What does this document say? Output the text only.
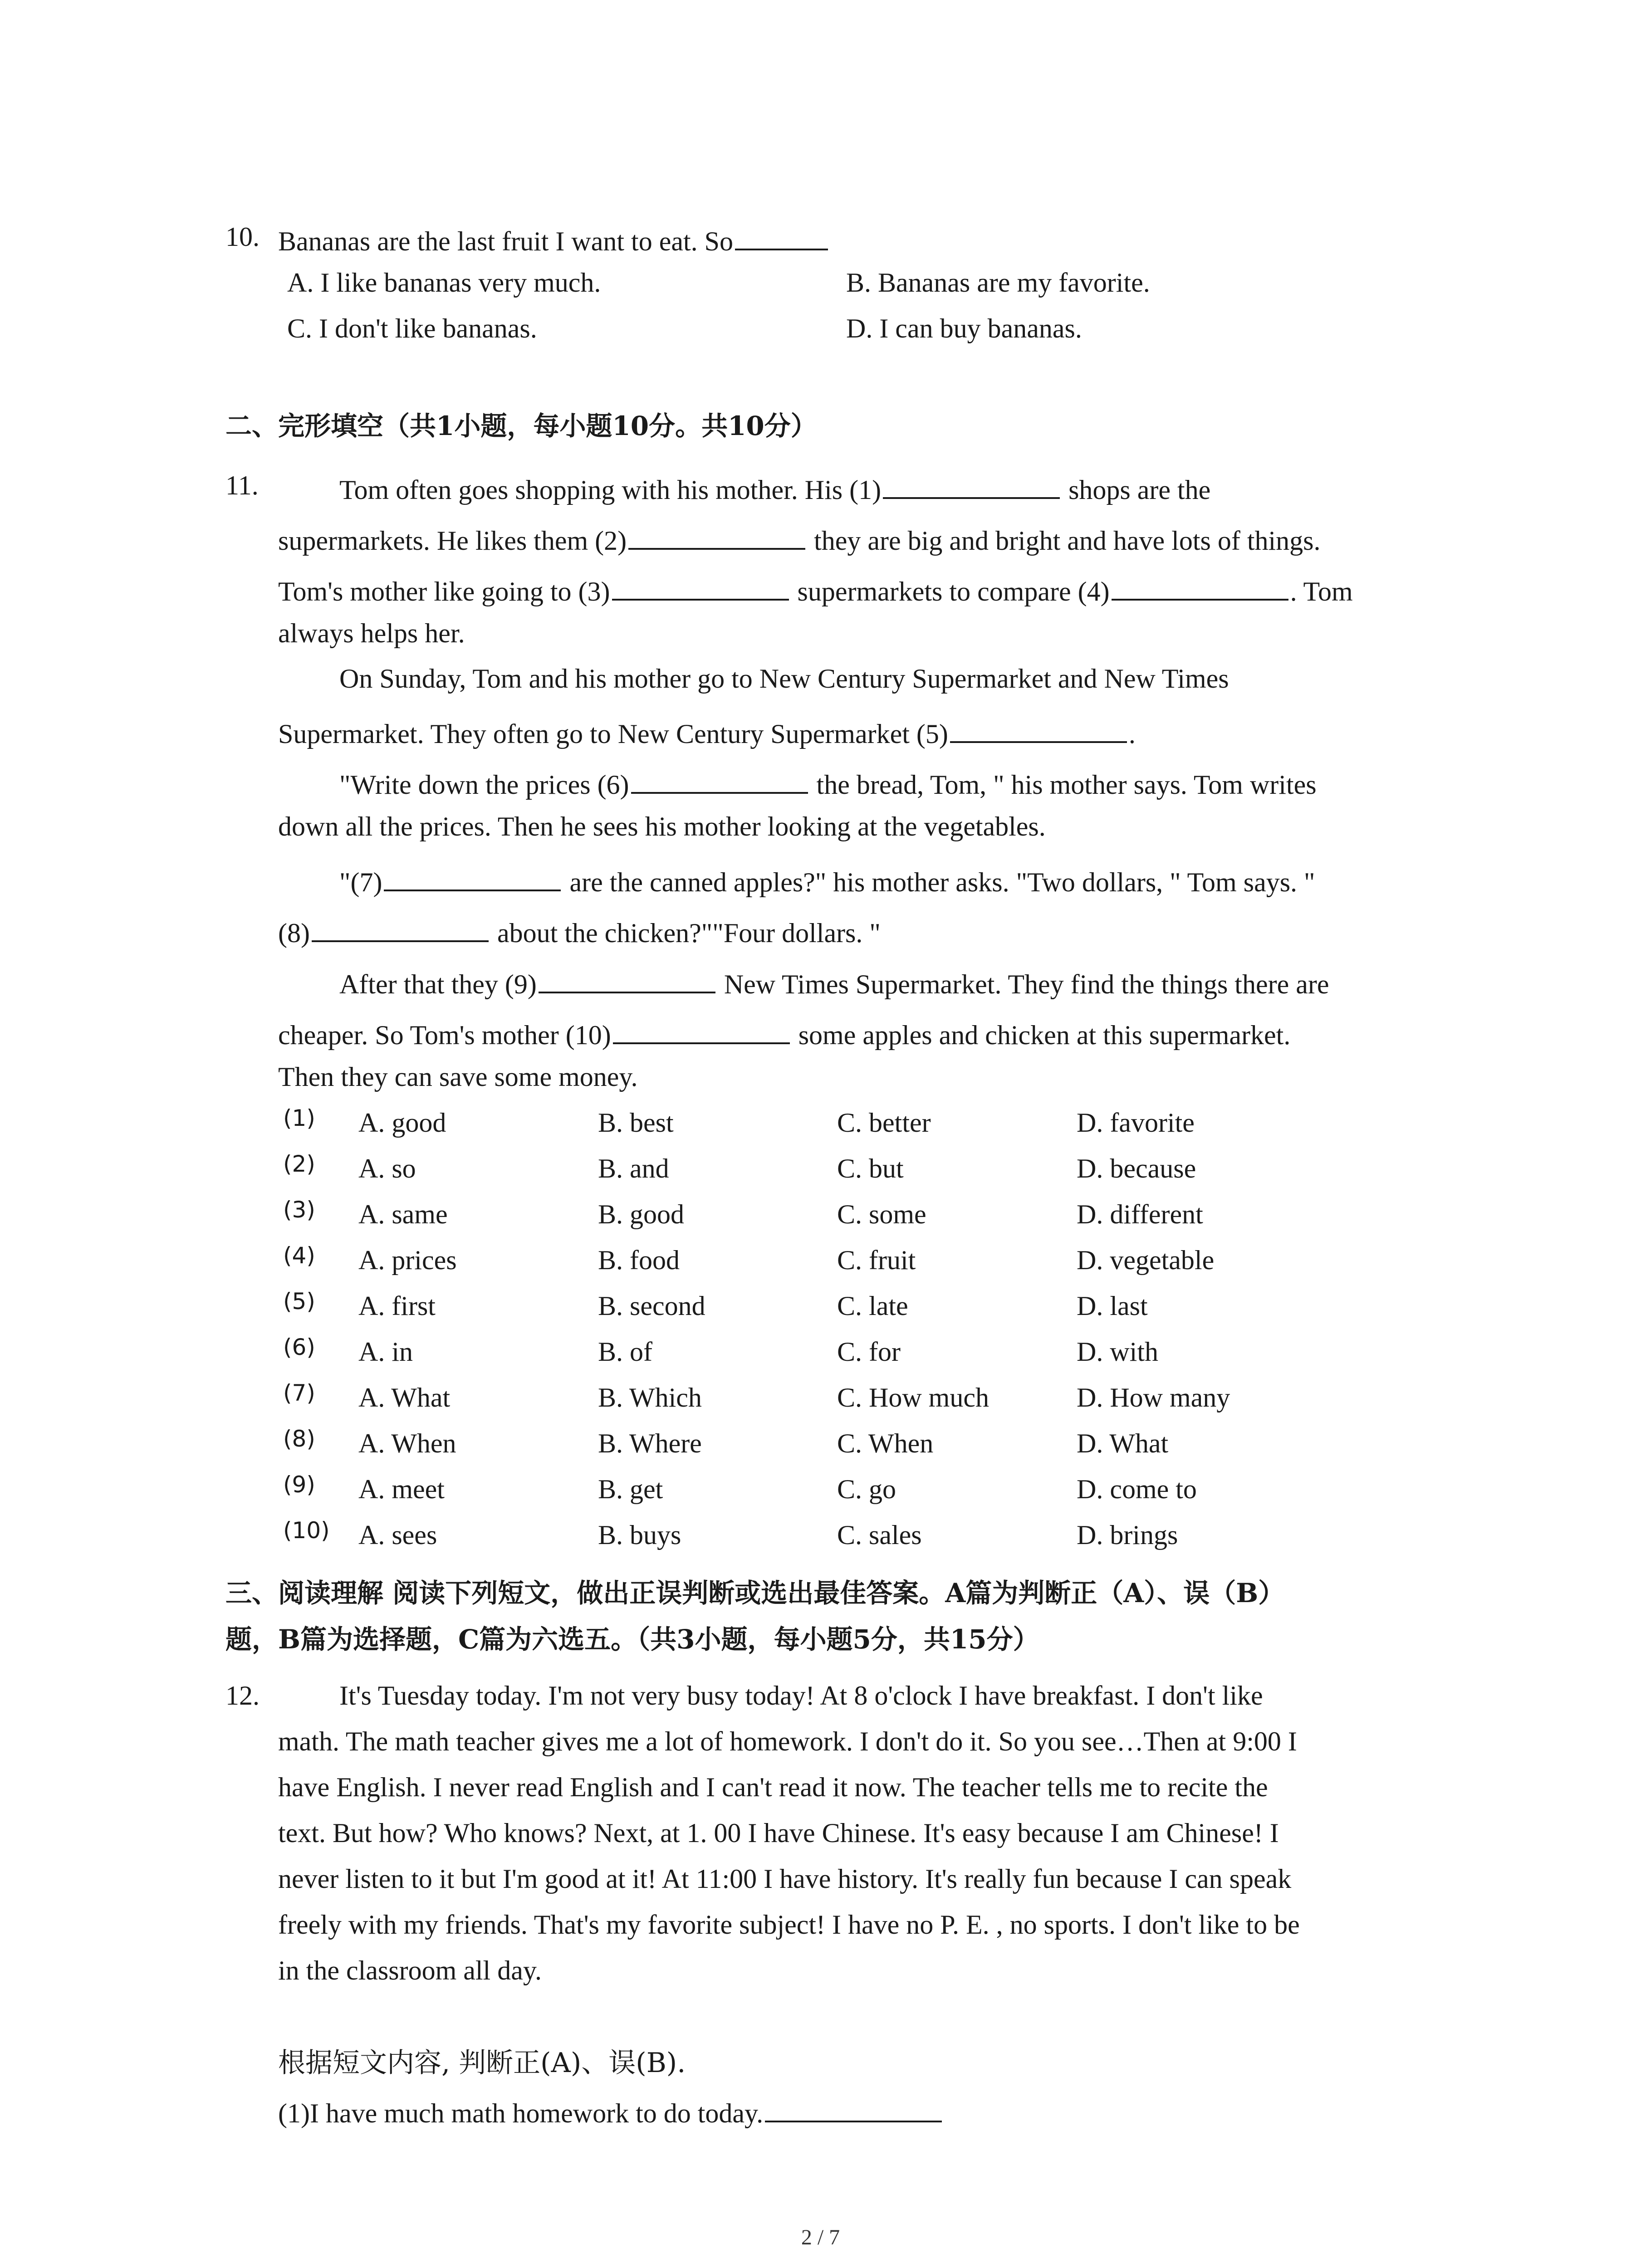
10. Bananas are the last fruit I want to eat. So
A. I like bananas very much.	B. Bananas are my favorite.
C. I don't like bananas.	D. I can buy bananas.
二、完形填空（共1小题，每小题10分。共10分）
11.	Tom often goes shopping with his mother. His (1)	shops are the
supermarkets. He likes them (2)	they are big and bright and have lots of things.
Tom's mother like going to (3)	supermarkets to compare (4)	. Tom
always helps her.
On Sunday, Tom and his mother go to New Century Supermarket and New Times
Supermarket. They often go to New Century Supermarket (5)	.
"Write down the prices (6)	the bread, Tom, " his mother says. Tom writes
down all the prices. Then he sees his mother looking at the vegetables.
"(7)	are the canned apples?" his mother asks. "Two dollars, " Tom says. "
(8)	about the chicken?""Four dollars. "
After that they (9)	New Times Supermarket. They find the things there are
cheaper. So Tom's mother (10)	some apples and chicken at this supermarket.
Then they can save some money.
(1) A. good	B. best	C. better	D. favorite
(2) A. so	B. and	C. but	D. because
(3) A. same	B. good	C. some	D. different
(4) A. prices	B. food	C. fruit	D. vegetable
(5) A. first	B. second	C. late	D. last
(6) A. in	B. of	C. for	D. with
(7) A. What	B. Which	C. How much	D. How many
(8) A. When	B. Where	C. When	D. What
(9) A. meet	B. get	C. go	D. come to
(10) A. sees	B. buys	C. sales	D. brings
三、阅读理解 阅读下列短文，做出正误判断或选出最佳答案。A篇为判断正（A）、误（B）
题，B篇为选择题，C篇为六选五。（共3小题，每小题5分，共15分）
12.	It's Tuesday today. I'm not very busy today! At 8 o'clock I have breakfast. I don't like
math. The math teacher gives me a lot of homework. I don't do it. So you see…Then at 9:00 I
have English. I never read English and I can't read it now. The teacher tells me to recite the
text. But how? Who knows? Next, at 1. 00 I have Chinese. It's easy because I am Chinese! I
never listen to it but I'm good at it! At 11:00 I have history. It's really fun because I can speak
freely with my friends. That's my favorite subject! I have no P. E. , no sports. I don't like to be
in the classroom all day.
根据短文内容, 判断正(A)、误(B).
(1)I have much math homework to do today.
2 / 7
